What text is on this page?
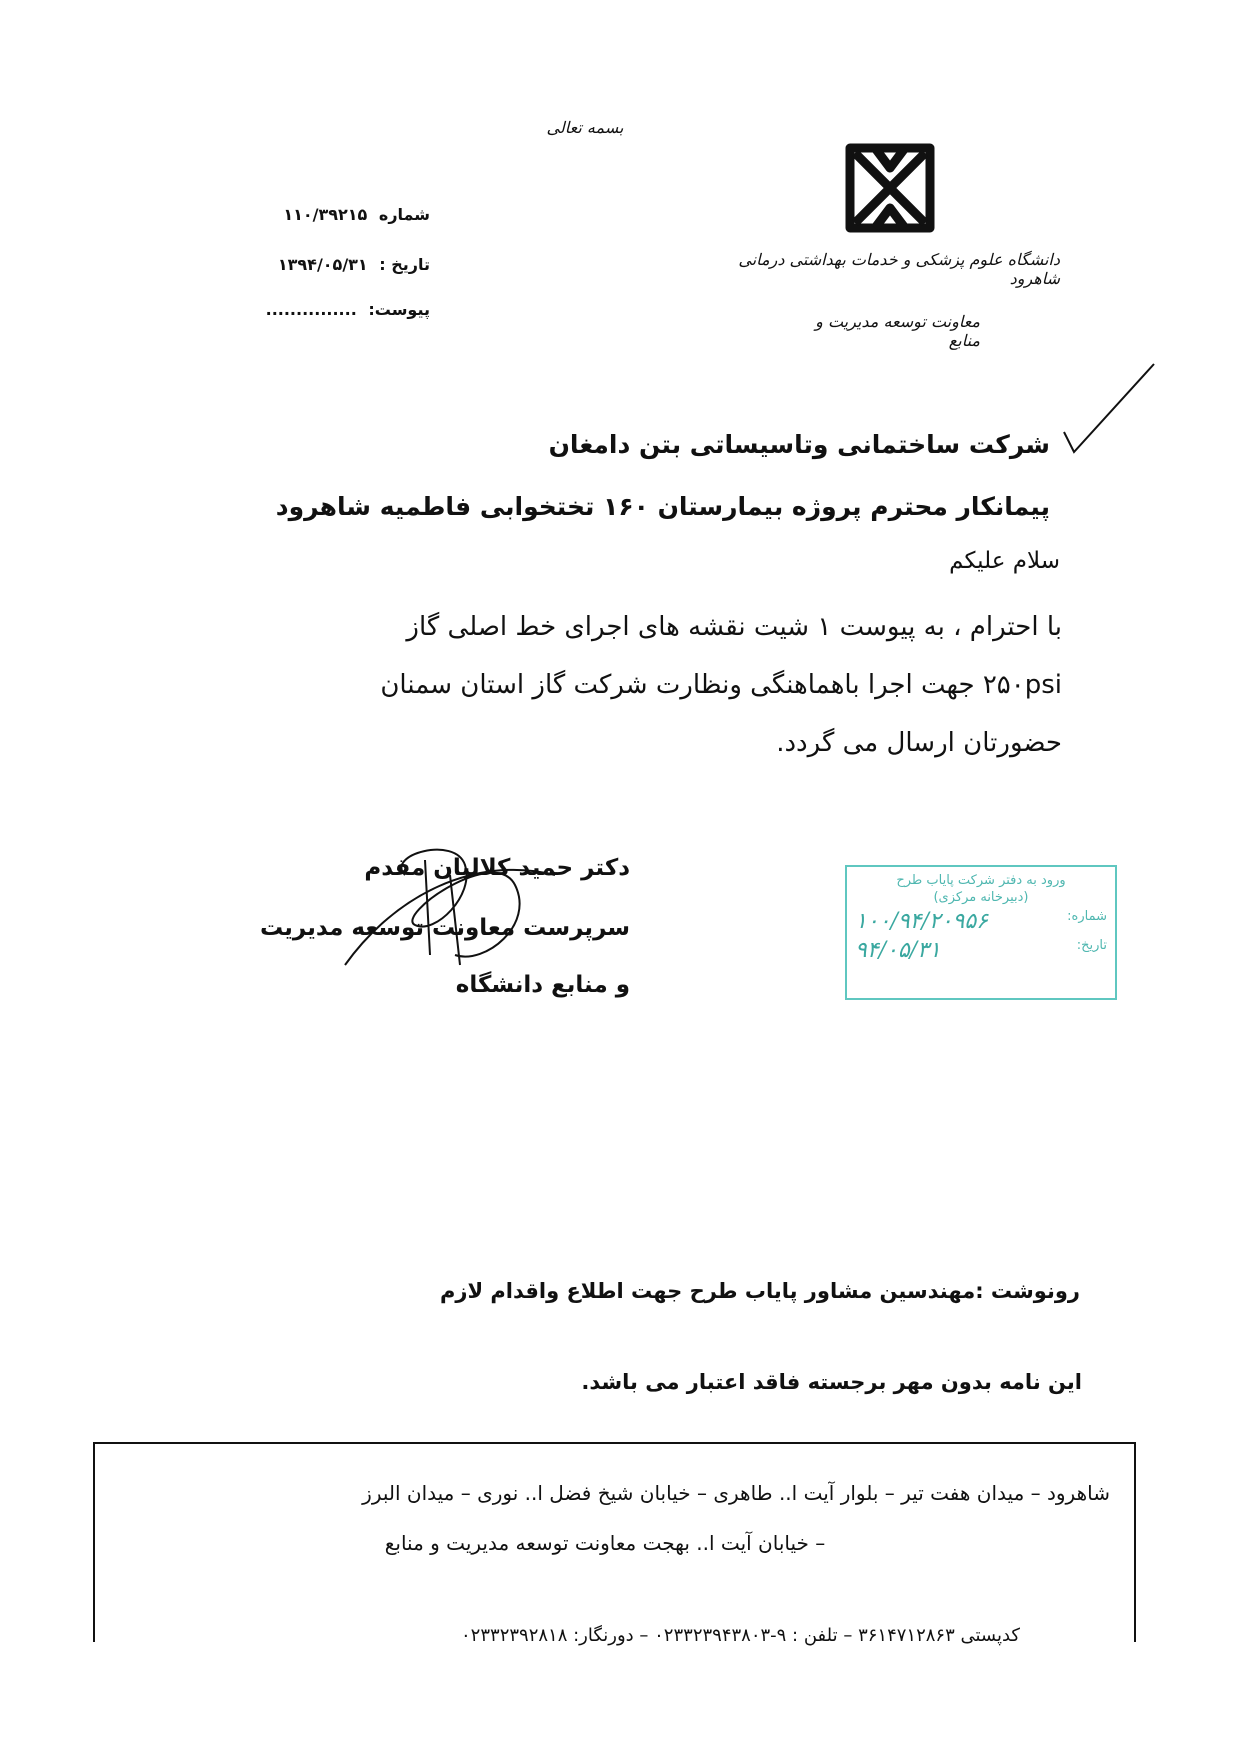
بسمه تعالی
دانشگاه علوم پزشکی و خدمات بهداشتی درمانی شاهرود
معاونت توسعه مدیریت و منابع
شماره ۱۱۰/۳۹۲۱۵
تاریخ : ۱۳۹۴/۰۵/۳۱
پیوست: ...............
شرکت ساختمانی وتاسیساتی بتن دامغان
پیمانکار محترم پروژه بیمارستان ۱۶۰ تختخوابی فاطمیه شاهرود
سلام علیکم

با احترام ، به پیوست ۱ شیت نقشه های اجرای خط اصلی گاز

۲۵۰psi جهت اجرا باهماهنگی ونظارت شرکت گاز استان سمنان

حضورتان ارسال می گردد.

دکتر حمید کلالیان مقدم
سرپرست معاونت توسعه مدیریت
و منابع دانشگاه
ورود به دفتر شرکت پایاب طرح
(دبیرخانه مرکزی)
شماره:
۱۰۰/۹۴/۲۰۹۵۶
تاریخ:
۹۴/۰۵/۳۱

رونوشت :مهندسین مشاور پایاب طرح جهت اطلاع واقدام لازم

این نامه بدون مهر برجسته فاقد اعتبار می باشد.

شاهرود – میدان هفت تیر – بلوار آیت ا.. طاهری – خیابان شیخ فضل ا.. نوری – میدان البرز

– خیابان آیت ا.. بهجت معاونت توسعه مدیریت و منابع

کدپستی ۳۶۱۴۷۱۲۸۶۳ – تلفن : ۹-۰۲۳۳۲۳۹۴۳۸۰۳ – دورنگار: ۰۲۳۳۲۳۹۲۸۱۸
